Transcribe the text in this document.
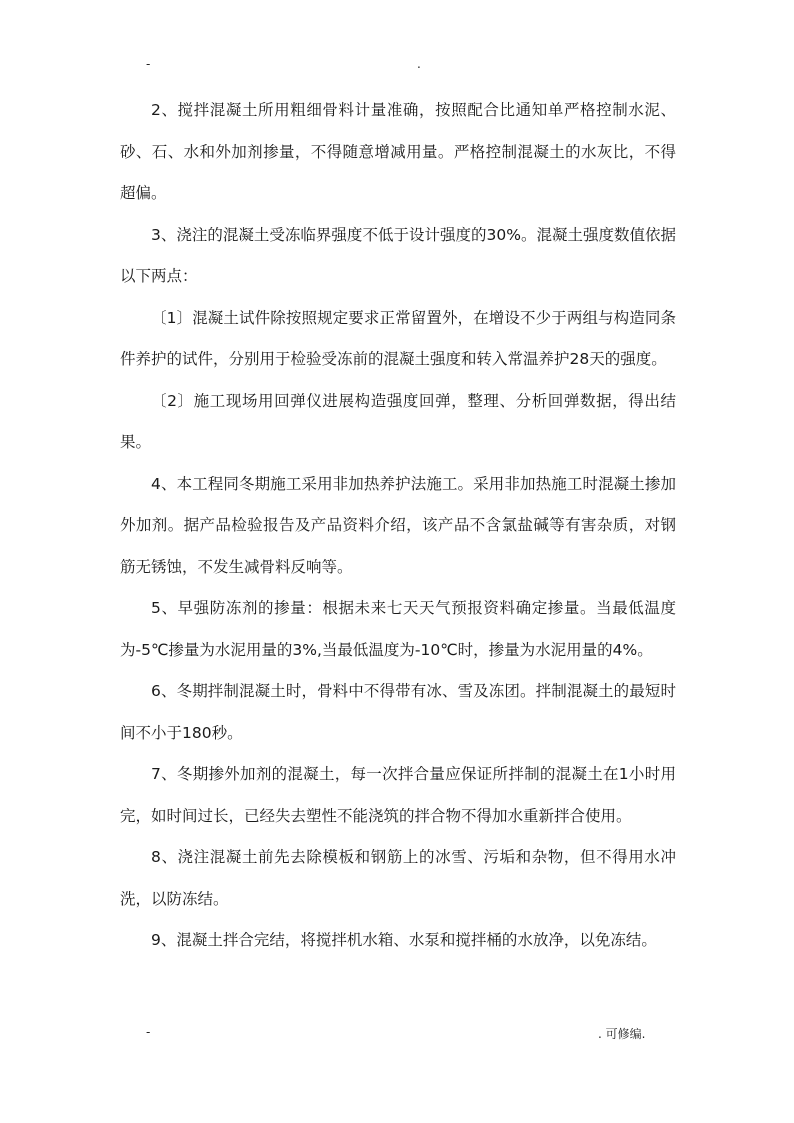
-	.

2、搅拌混凝土所用粗细骨料计量准确，按照配合比通知单严格控制水泥、砂、石、水和外加剂掺量，不得随意增减用量。严格控制混凝土的水灰比，不得超偏。

3、浇注的混凝土受冻临界强度不低于设计强度的30%。混凝土强度数值依据以下两点：

〔1〕混凝土试件除按照规定要求正常留置外，在增设不少于两组与构造同条件养护的试件，分别用于检验受冻前的混凝土强度和转入常温养护28天的强度。

〔2〕施工现场用回弹仪进展构造强度回弹，整理、分析回弹数据，得出结果。

4、本工程同冬期施工采用非加热养护法施工。采用非加热施工时混凝土掺加外加剂。据产品检验报告及产品资料介绍，该产品不含氯盐碱等有害杂质，对钢筋无锈蚀，不发生减骨料反响等。

5、早强防冻剂的掺量：根据未来七天天气预报资料确定掺量。当最低温度为-5℃掺量为水泥用量的3%,当最低温度为-10℃时，掺量为水泥用量的4%。

6、冬期拌制混凝土时，骨料中不得带有冰、雪及冻团。拌制混凝土的最短时间不小于180秒。

7、冬期掺外加剂的混凝土，每一次拌合量应保证所拌制的混凝土在1小时用完，如时间过长，已经失去塑性不能浇筑的拌合物不得加水重新拌合使用。

8、浇注混凝土前先去除模板和钢筋上的冰雪、污垢和杂物，但不得用水冲洗，以防冻结。

9、混凝土拌合完结，将搅拌机水箱、水泵和搅拌桶的水放净，以免冻结。

-	. 可修编.
